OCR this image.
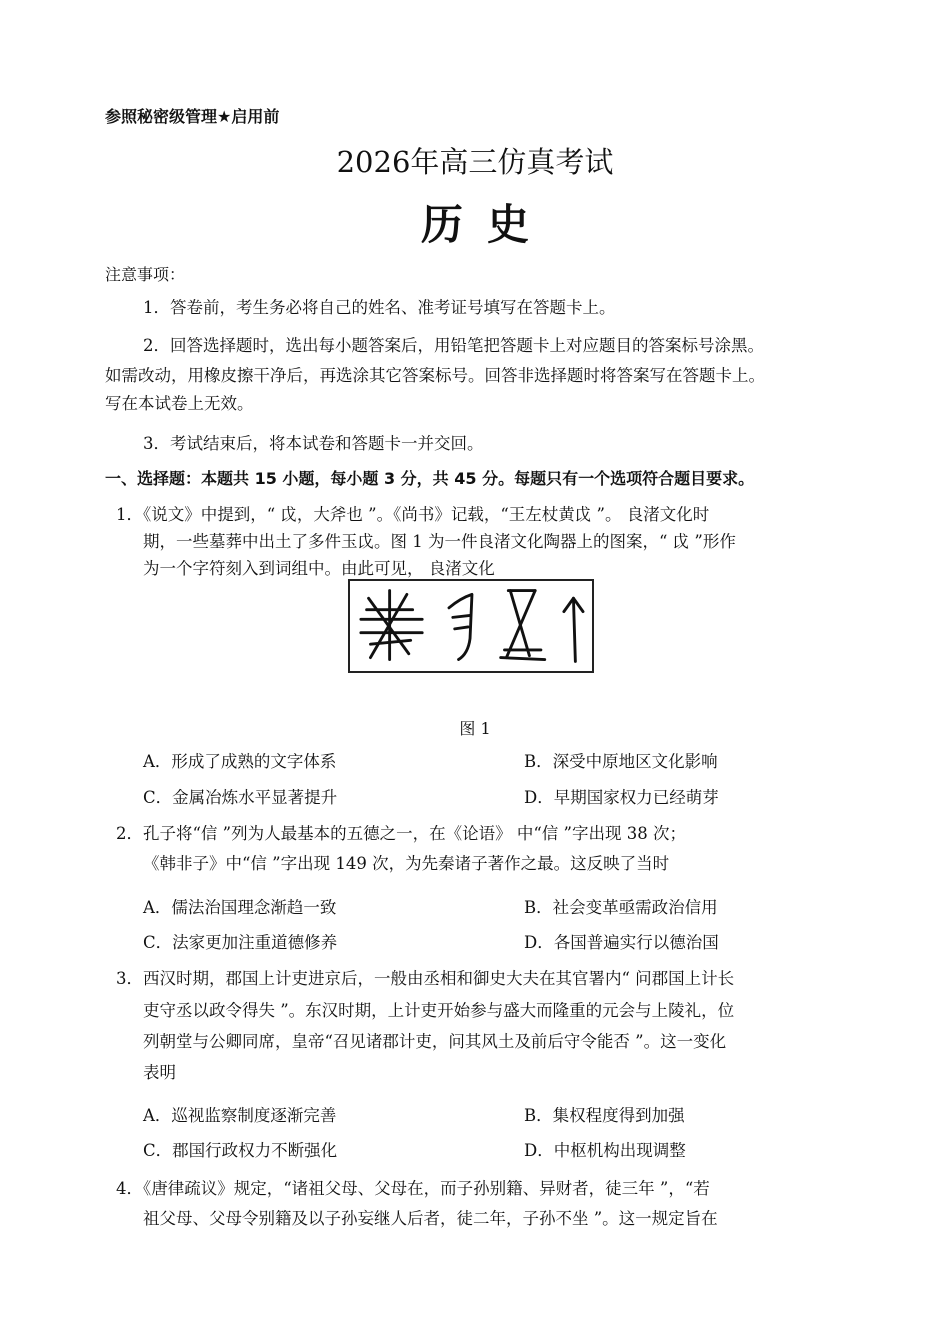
参照秘密级管理★启用前
2026年高三仿真考试
历史
注意事项：
1．答卷前，考生务必将自己的姓名、准考证号填写在答题卡上。
2．回答选择题时，选出每小题答案后，用铅笔把答题卡上对应题目的答案标号涂黑。
如需改动，用橡皮擦干净后，再选涂其它答案标号。回答非选择题时将答案写在答题卡上。
写在本试卷上无效。
3．考试结束后，将本试卷和答题卡一并交回。
一、选择题：本题共 15 小题，每小题 3 分，共 45 分。每题只有一个选项符合题目要求。
1．《说文》中提到，“ 戉，大斧也 ”。《尚书》记载，“王左杖黄戉 ”。 良渚文化时
期，一些墓葬中出土了多件玉戉。图 1 为一件良渚文化陶器上的图案，“ 戉 ”形作
为一个字符刻入到词组中。由此可见， 良渚文化
图 1
A．形成了成熟的文字体系	B．深受中原地区文化影响
C．金属冶炼水平显著提升	D．早期国家权力已经萌芽
2．孔子将“信 ”列为人最基本的五德之一，在《论语》 中“信 ”字出现 38 次；
《韩非子》中“信 ”字出现 149 次，为先秦诸子著作之最。这反映了当时
A．儒法治国理念渐趋一致	B．社会变革亟需政治信用
C．法家更加注重道德修养	D．各国普遍实行以德治国
3．西汉时期，郡国上计吏进京后，一般由丞相和御史大夫在其官署内“ 问郡国上计长
吏守丞以政令得失 ”。东汉时期，上计吏开始参与盛大而隆重的元会与上陵礼，位
列朝堂与公卿同席，皇帝“召见诸郡计吏，问其风土及前后守令能否 ”。这一变化
表明
A．巡视监察制度逐渐完善	B．集权程度得到加强
C．郡国行政权力不断强化	D．中枢机构出现调整
4．《唐律疏议》规定，“诸祖父母、父母在，而子孙别籍、异财者，徒三年 ”，“若
祖父母、父母令别籍及以子孙妄继人后者，徒二年，子孙不坐 ”。这一规定旨在
